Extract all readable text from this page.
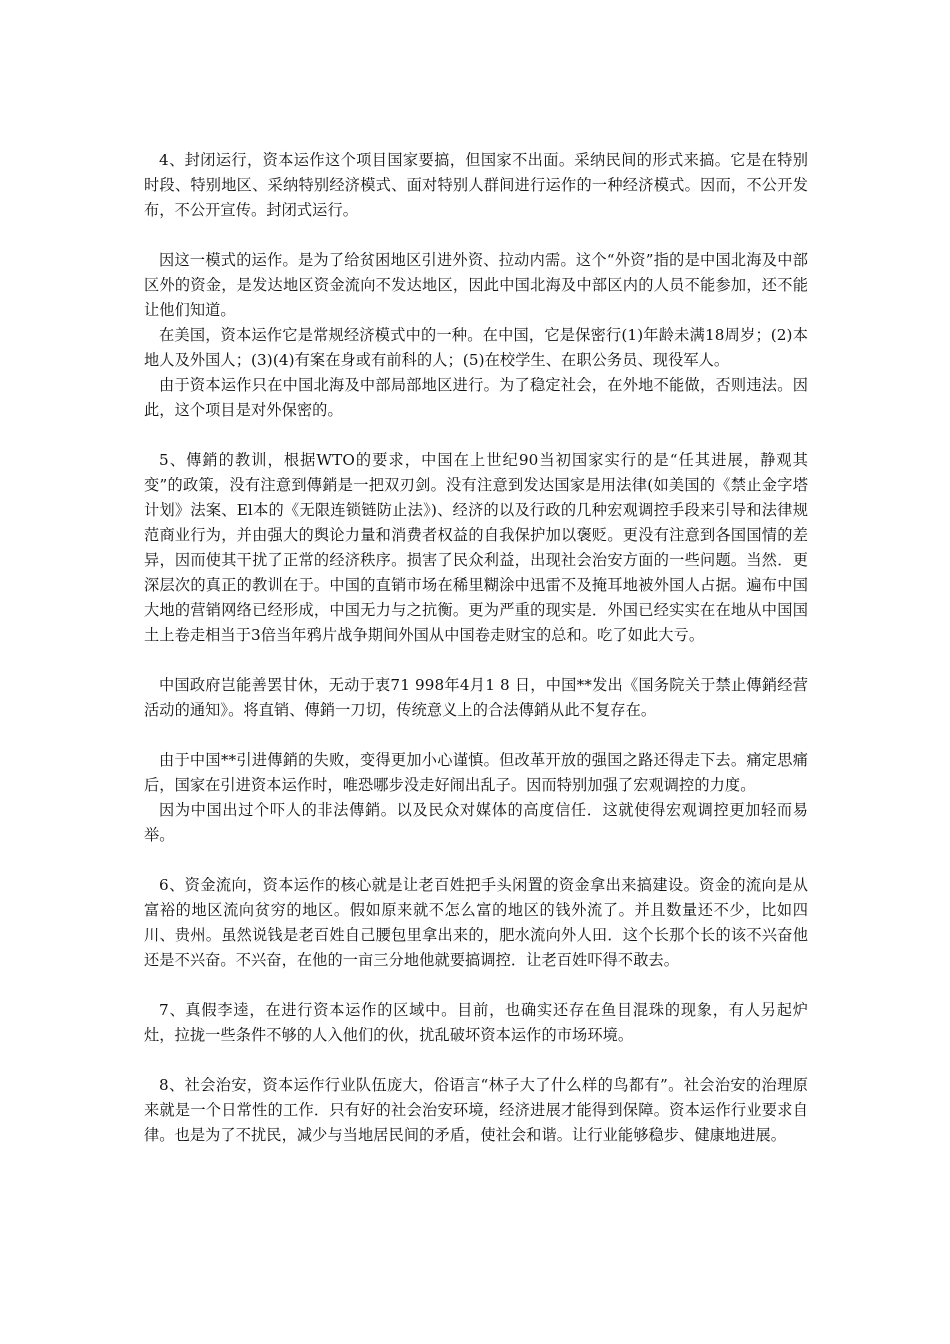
4、封闭运行，资本运作这个项目国家要搞，但国家不出面。采纳民间的形式来搞。它是在特别时段、特别地区、采纳特别经济模式、面对特别人群间进行运作的一种经济模式。因而，不公开发布，不公开宣传。封闭式运行。

因这一模式的运作。是为了给贫困地区引进外资、拉动内需。这个“外资”指的是中国北海及中部区外的资金，是发达地区资金流向不发达地区，因此中国北海及中部区内的人员不能参加，还不能让他们知道。

在美国，资本运作它是常规经济模式中的一种。在中国，它是保密行(1)年龄未满18周岁；(2)本地人及外国人；(3)(4)有案在身或有前科的人；(5)在校学生、在职公务员、现役军人。

由于资本运作只在中国北海及中部局部地区进行。为了稳定社会，在外地不能做，否则违法。因此，这个项目是对外保密的。

5、傳銷的教训，根据WTO的要求，中国在上世纪90当初国家实行的是“任其进展，静观其变”的政策，没有注意到傳銷是一把双刃剑。没有注意到发达国家是用法律(如美国的《禁止金字塔计划》法案、El本的《无限连锁链防止法》)、经济的以及行政的几种宏观调控手段来引导和法律规范商业行为，并由强大的舆论力量和消费者权益的自我保护加以褒贬。更没有注意到各国国情的差异，因而使其干扰了正常的经济秩序。损害了民众利益，出现社会治安方面的一些问题。当然．更深层次的真正的教训在于。中国的直销市场在稀里糊涂中迅雷不及掩耳地被外国人占据。遍布中国大地的营销网络已经形成，中国无力与之抗衡。更为严重的现实是．外国已经实实在在地从中国国土上卷走相当于3倍当年鸦片战争期间外国从中国卷走财宝的总和。吃了如此大亏。

中国政府岂能善罢甘休，无动于衷71 998年4月1 8 日，中国**发出《国务院关于禁止傳銷经营活动的通知》。将直销、傳銷一刀切，传统意义上的合法傳銷从此不复存在。

由于中国**引进傳銷的失败，变得更加小心谨慎。但改革开放的强国之路还得走下去。痛定思痛后，国家在引进资本运作时，唯恐哪步没走好闹出乱子。因而特别加强了宏观调控的力度。

因为中国出过个吓人的非法傳銷。以及民众对媒体的高度信任．这就使得宏观调控更加轻而易举。

6、资金流向，资本运作的核心就是让老百姓把手头闲置的资金拿出来搞建设。资金的流向是从富裕的地区流向贫穷的地区。假如原来就不怎么富的地区的钱外流了。并且数量还不少，比如四川、贵州。虽然说钱是老百姓自己腰包里拿出来的，肥水流向外人田．这个长那个长的该不兴奋他还是不兴奋。不兴奋，在他的一亩三分地他就要搞调控．让老百姓吓得不敢去。

7、真假李逵，在进行资本运作的区域中。目前，也确实还存在鱼目混珠的现象，有人另起炉灶，拉拢一些条件不够的人入他们的伙，扰乱破坏资本运作的市场环境。

8、社会治安，资本运作行业队伍庞大，俗语言“林子大了什么样的鸟都有”。社会治安的治理原来就是一个日常性的工作．只有好的社会治安环境，经济进展才能得到保障。资本运作行业要求自律。也是为了不扰民，减少与当地居民间的矛盾，使社会和谐。让行业能够稳步、健康地进展。
